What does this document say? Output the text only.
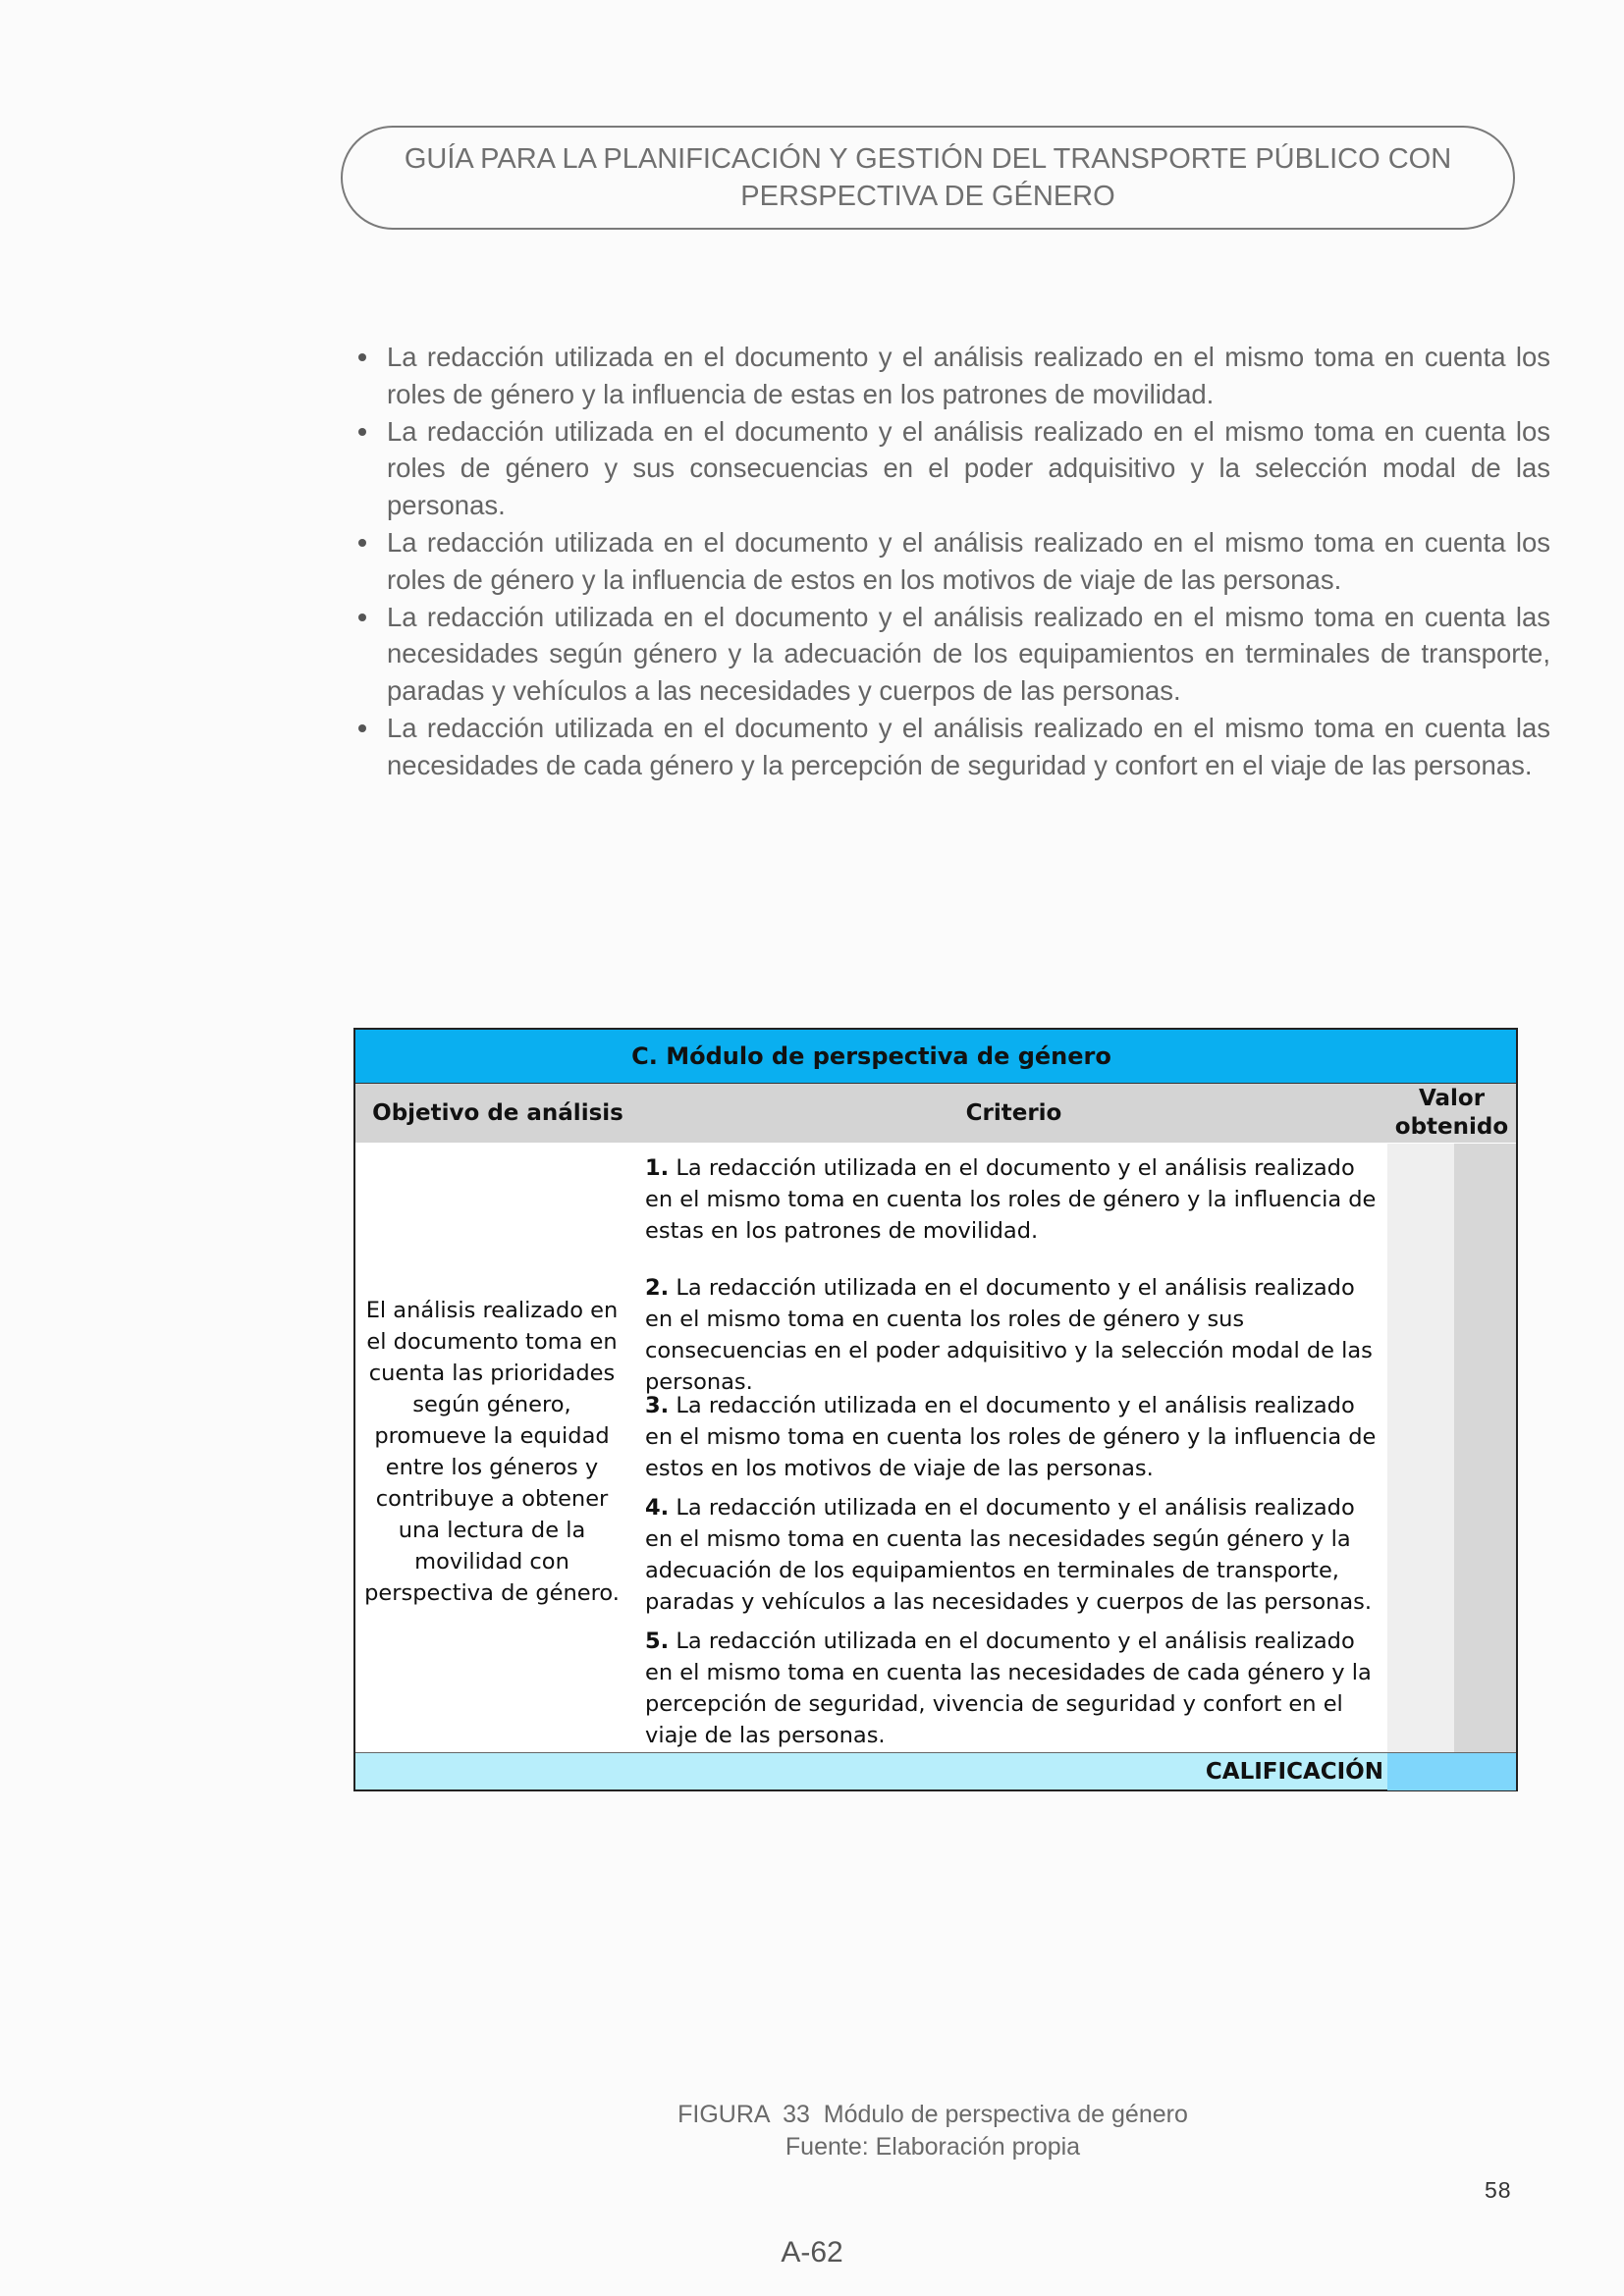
GUÍA PARA LA PLANIFICACIÓN Y GESTIÓN DEL TRANSPORTE PÚBLICO CON
PERSPECTIVA DE GÉNERO
La redacción utilizada en el documento y el análisis realizado en el mismo toma en cuenta los roles de género y la influencia de estas en los patrones de movilidad.
La redacción utilizada en el documento y el análisis realizado en el mismo toma en cuenta los roles de género y sus consecuencias en el poder adquisitivo y la selección modal de las personas.
La redacción utilizada en el documento y el análisis realizado en el mismo toma en cuenta los roles de género y la influencia de estos en los motivos de viaje de las personas.
La redacción utilizada en el documento y el análisis realizado en el mismo toma en cuenta las necesidades según género y la adecuación de los equipamientos en terminales de transporte, paradas y vehículos a las necesidades y cuerpos de las personas.
La redacción utilizada en el documento y el análisis realizado en el mismo toma en cuenta las necesidades de cada género y la percepción de seguridad y confort en el viaje de las personas.
C. Módulo de perspectiva de género
Objetivo de análisis	Criterio
Valor obtenido
El análisis realizado en el documento toma en cuenta las prioridades según género, promueve la equidad entre los géneros y contribuye a obtener una lectura de la movilidad con perspectiva de género.
1. La redacción utilizada en el documento y el análisis realizado en el mismo toma en cuenta los roles de género y la influencia de estas en los patrones de movilidad.
2. La redacción utilizada en el documento y el análisis realizado en el mismo toma en cuenta los roles de género y sus consecuencias en el poder adquisitivo y la selección modal de las personas.
3. La redacción utilizada en el documento y el análisis realizado en el mismo toma en cuenta los roles de género y la influencia de estos en los motivos de viaje de las personas.
4. La redacción utilizada en el documento y el análisis realizado en el mismo toma en cuenta las necesidades según género y la adecuación de los equipamientos en terminales de transporte, paradas y vehículos a las necesidades y cuerpos de las personas.
5. La redacción utilizada en el documento y el análisis realizado en el mismo toma en cuenta las necesidades de cada género y la percepción de seguridad, vivencia de seguridad y confort en el viaje de las personas.
CALIFICACIÓN
FIGURA  33  Módulo de perspectiva de género
Fuente: Elaboración propia
58
A-62
